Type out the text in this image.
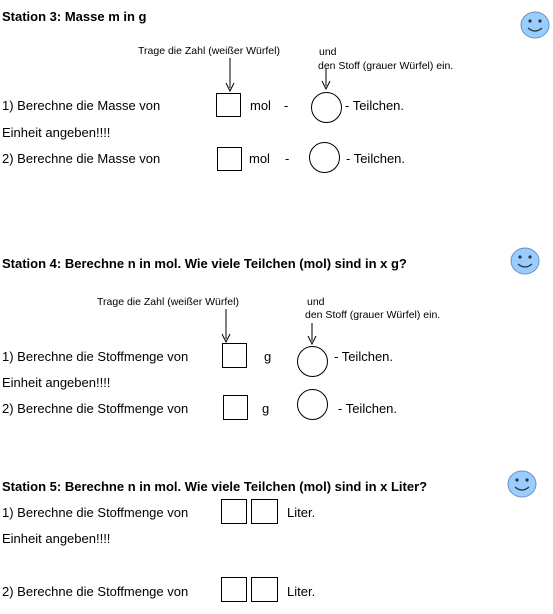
Station 3: Masse m in g
Trage die Zahl (weißer Würfel)	und
den Stoff (grauer Würfel) ein.
1) Berechne die Masse von	mol -	- Teilchen.
Einheit angeben!!!!
2) Berechne die Masse von	mol -	- Teilchen.
Station 4: Berechne n in mol. Wie viele Teilchen (mol) sind in x g?
Trage die Zahl (weißer Würfel)	und
den Stoff (grauer Würfel) ein.
1) Berechne die Stoffmenge von	g	- Teilchen.
Einheit angeben!!!!
2) Berechne die Stoffmenge von	g	- Teilchen.
Station 5: Berechne n in mol. Wie viele Teilchen (mol) sind in x Liter?
1) Berechne die Stoffmenge von	Liter.
Einheit angeben!!!!
2) Berechne die Stoffmenge von	Liter.
